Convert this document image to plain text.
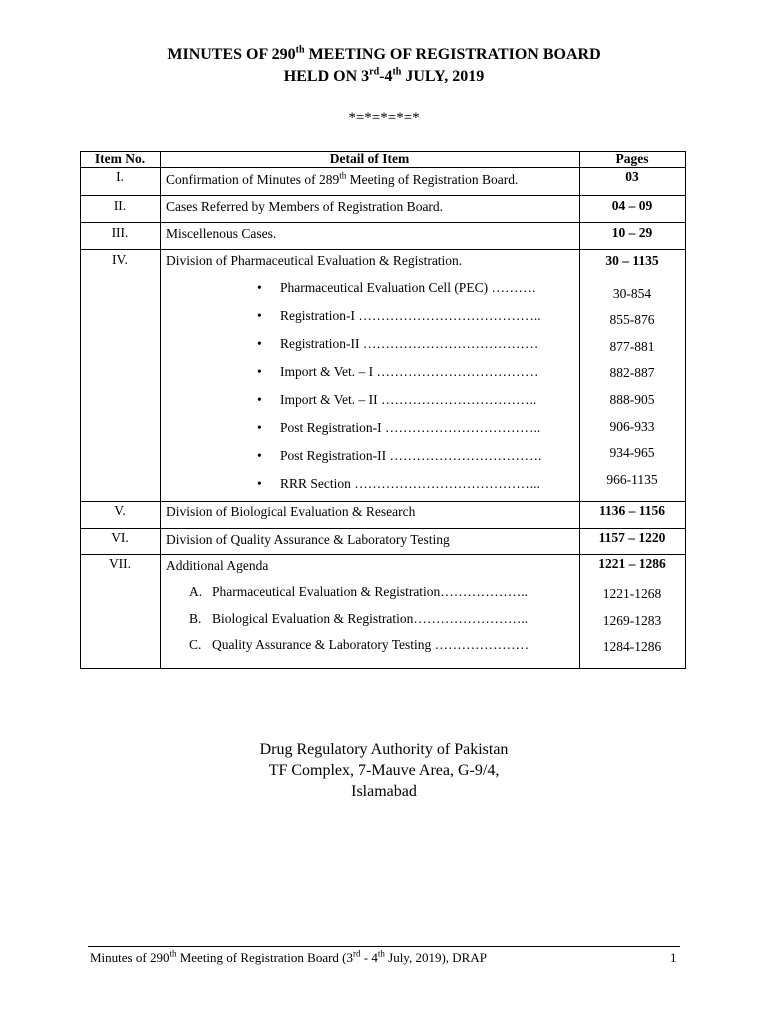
MINUTES OF 290th MEETING OF REGISTRATION BOARD
HELD ON 3rd-4th JULY, 2019
*=*=*=*=*
Item No.	Detail of Item	Pages
I.	Confirmation of Minutes of 289th Meeting of Registration Board.	03
II.	Cases Referred by Members of Registration Board.	04 – 09
III.	Miscellenous Cases.	10 – 29
IV.	Division of Pharmaceutical Evaluation & Registration.	30 – 1135
• Pharmaceutical Evaluation Cell (PEC) ……….	30-854
• Registration-I …………………………………..	855-876
• Registration-II …………………………………	877-881
• Import & Vet. – I ………………………………	882-887
• Import & Vet. – II ……………………………..	888-905
• Post Registration-I ……………………………..	906-933
• Post Registration-II …………………………….	934-965
• RRR Section …………………………………...	966-1135
V.	Division of Biological Evaluation & Research	1136 – 1156
VI.	Division of Quality Assurance & Laboratory Testing	1157 – 1220
VII.	Additional Agenda	1221 – 1286
A. Pharmaceutical Evaluation & Registration………………..	1221-1268
B. Biological Evaluation & Registration……………………..	1269-1283
C. Quality Assurance & Laboratory Testing …………………	1284-1286
Drug Regulatory Authority of Pakistan
TF Complex, 7-Mauve Area, G-9/4,
Islamabad
Minutes of 290th Meeting of Registration Board (3rd - 4th July, 2019), DRAP	1
